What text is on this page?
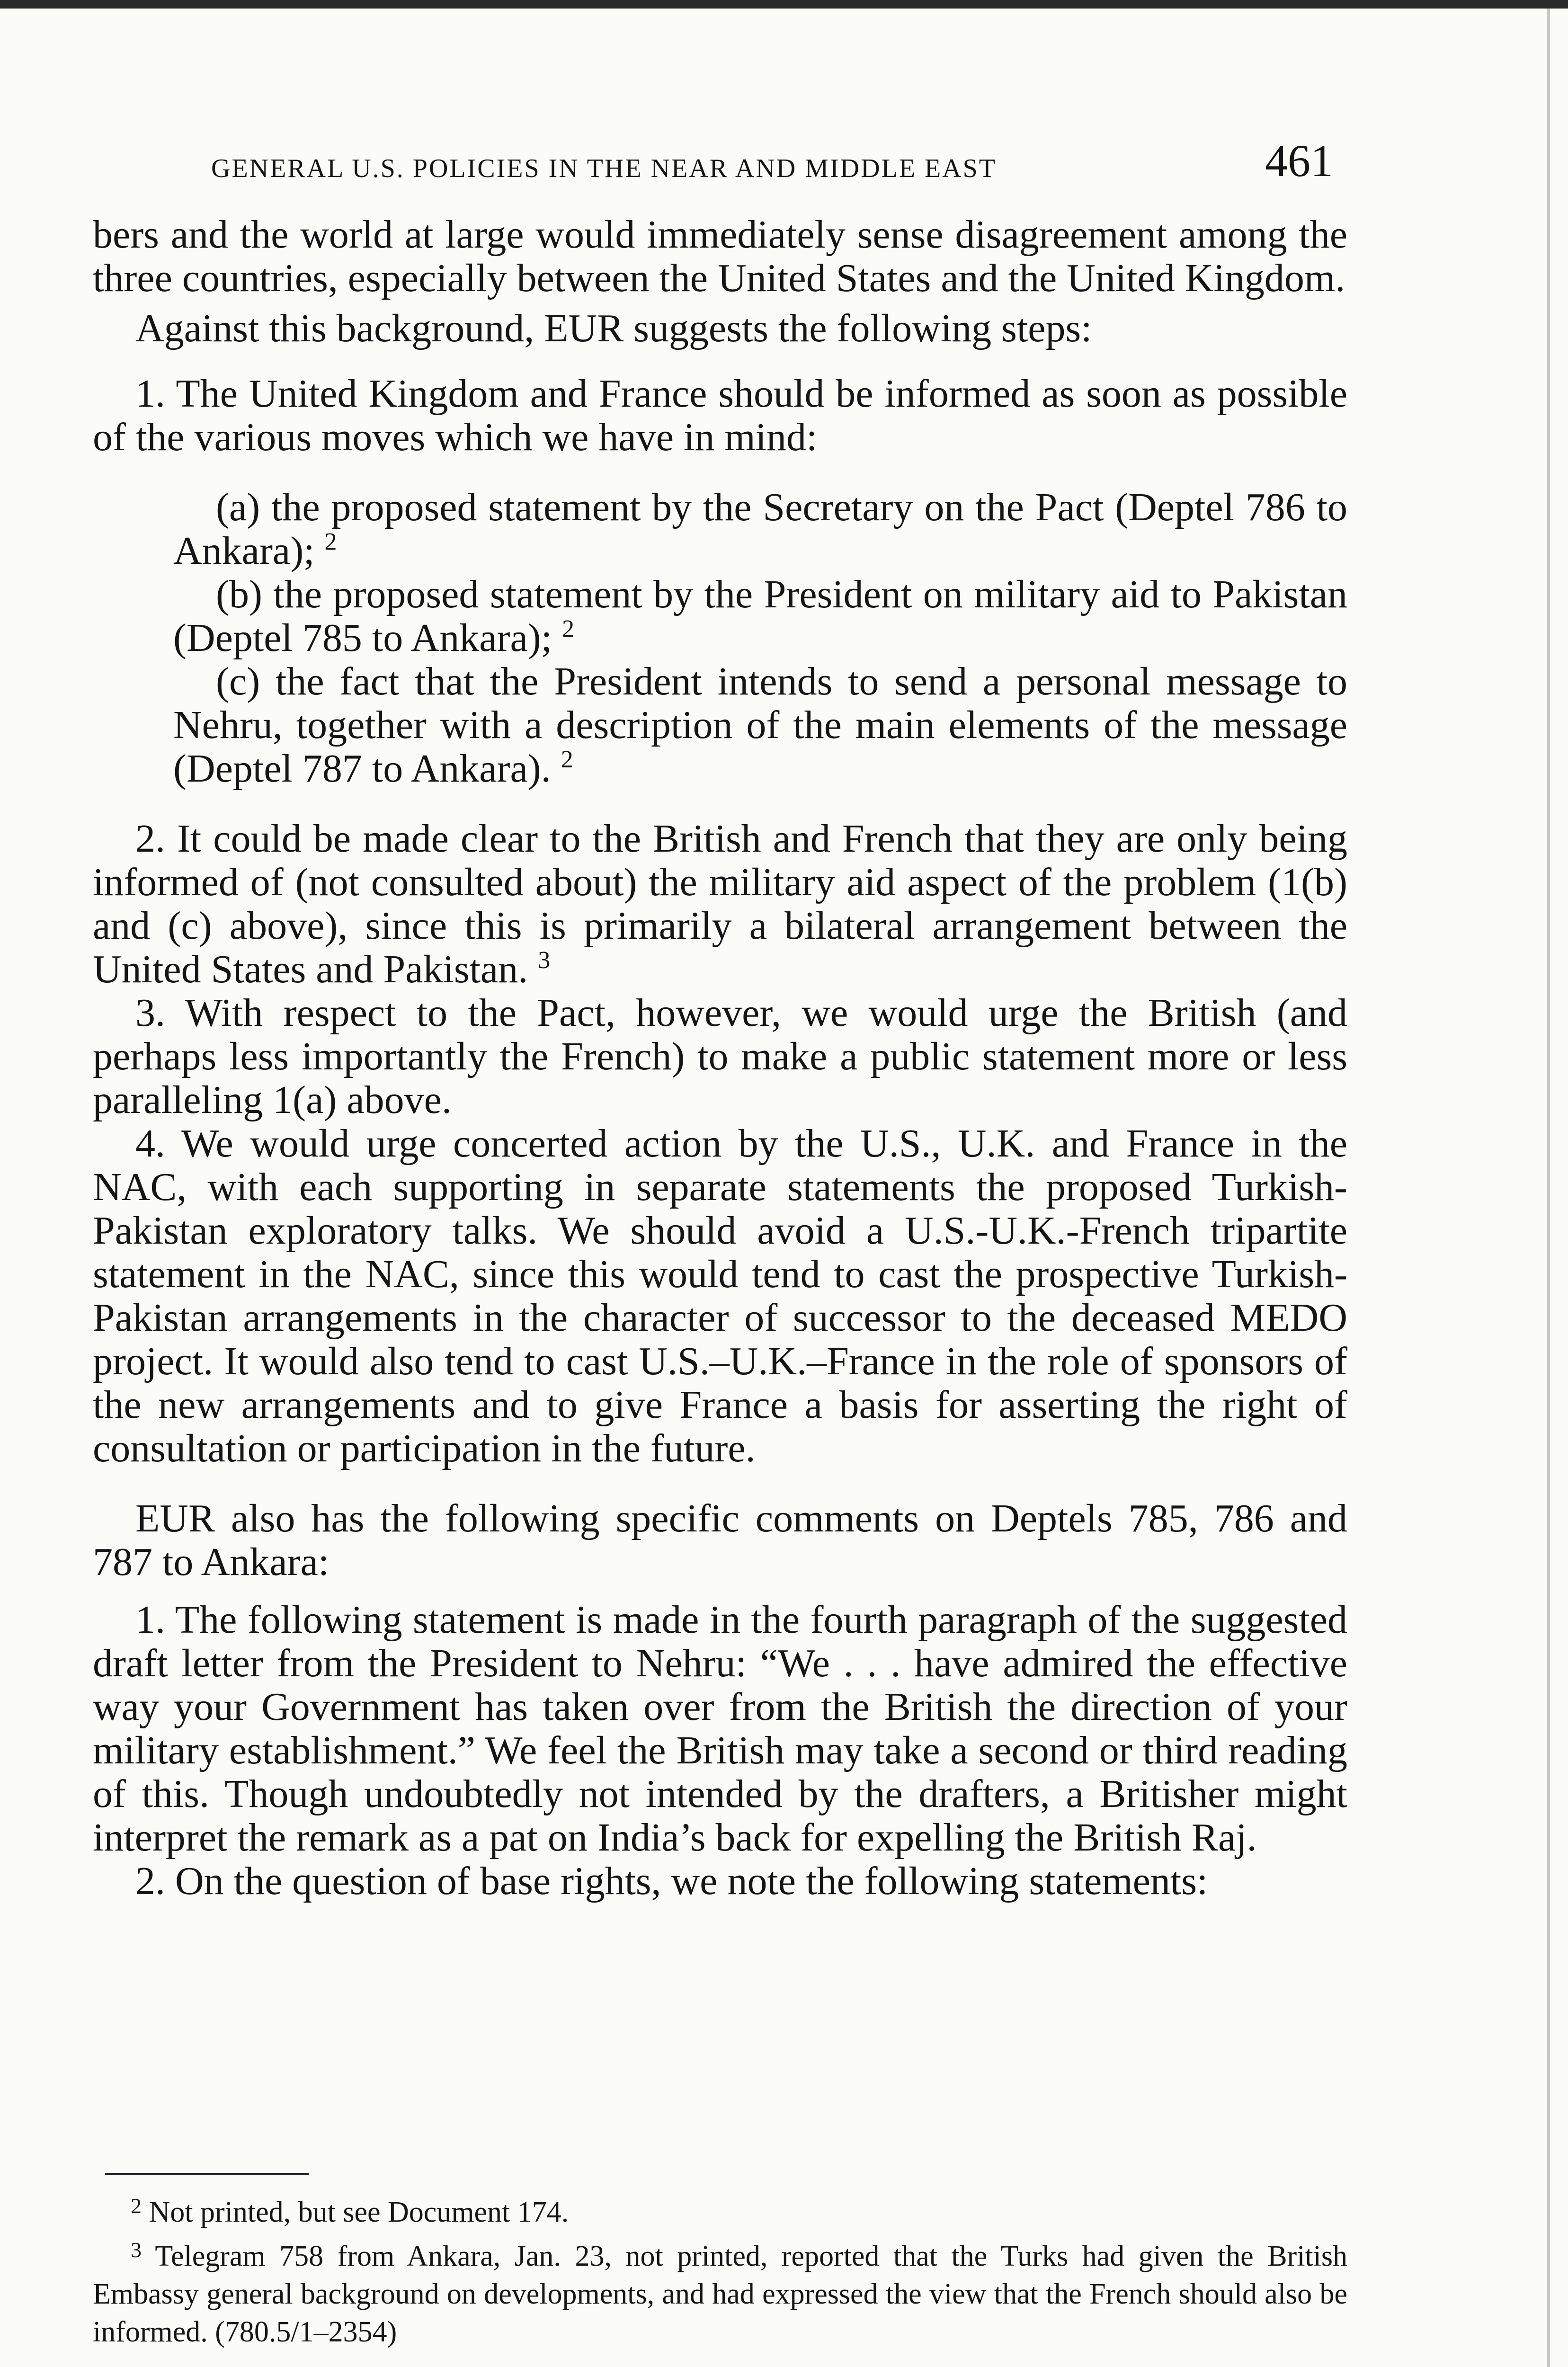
GENERAL U.S. POLICIES IN THE NEAR AND MIDDLE EAST	461

bers and the world at large would immediately sense disagreement among the three countries, especially between the United States and the United Kingdom.

Against this background, EUR suggests the following steps:

1. The United Kingdom and France should be informed as soon as possible of the various moves which we have in mind:

(a) the proposed statement by the Secretary on the Pact (Deptel 786 to Ankara); $^2$

(b) the proposed statement by the President on military aid to Pakistan (Deptel 785 to Ankara); $^2$

(c) the fact that the President intends to send a personal message to Nehru, together with a description of the main elements of the message (Deptel 787 to Ankara). $^2$

2. It could be made clear to the British and French that they are only being informed of (not consulted about) the military aid aspect of the problem (1(b) and (c) above), since this is primarily a bilateral arrangement between the United States and Pakistan. $^3$

3. With respect to the Pact, however, we would urge the British (and perhaps less importantly the French) to make a public statement more or less paralleling 1(a) above.

4. We would urge concerted action by the U.S., U.K. and France in the NAC, with each supporting in separate statements the proposed Turkish-Pakistan exploratory talks. We should avoid a U.S.-U.K.-French tripartite statement in the NAC, since this would tend to cast the prospective Turkish-Pakistan arrangements in the character of successor to the deceased MEDO project. It would also tend to cast U.S.–U.K.–France in the role of sponsors of the new arrangements and to give France a basis for asserting the right of consultation or participation in the future.

EUR also has the following specific comments on Deptels 785, 786 and 787 to Ankara:

1. The following statement is made in the fourth paragraph of the suggested draft letter from the President to Nehru: “We . . . have admired the effective way your Government has taken over from the British the direction of your military establishment.” We feel the British may take a second or third reading of this. Though undoubtedly not intended by the drafters, a Britisher might interpret the remark as a pat on India’s back for expelling the British Raj.

2. On the question of base rights, we note the following statements:

$^2$ Not printed, but see Document 174.

$^3$ Telegram 758 from Ankara, Jan. 23, not printed, reported that the Turks had given the British Embassy general background on developments, and had expressed the view that the French should also be informed. (780.5/1–2354)
